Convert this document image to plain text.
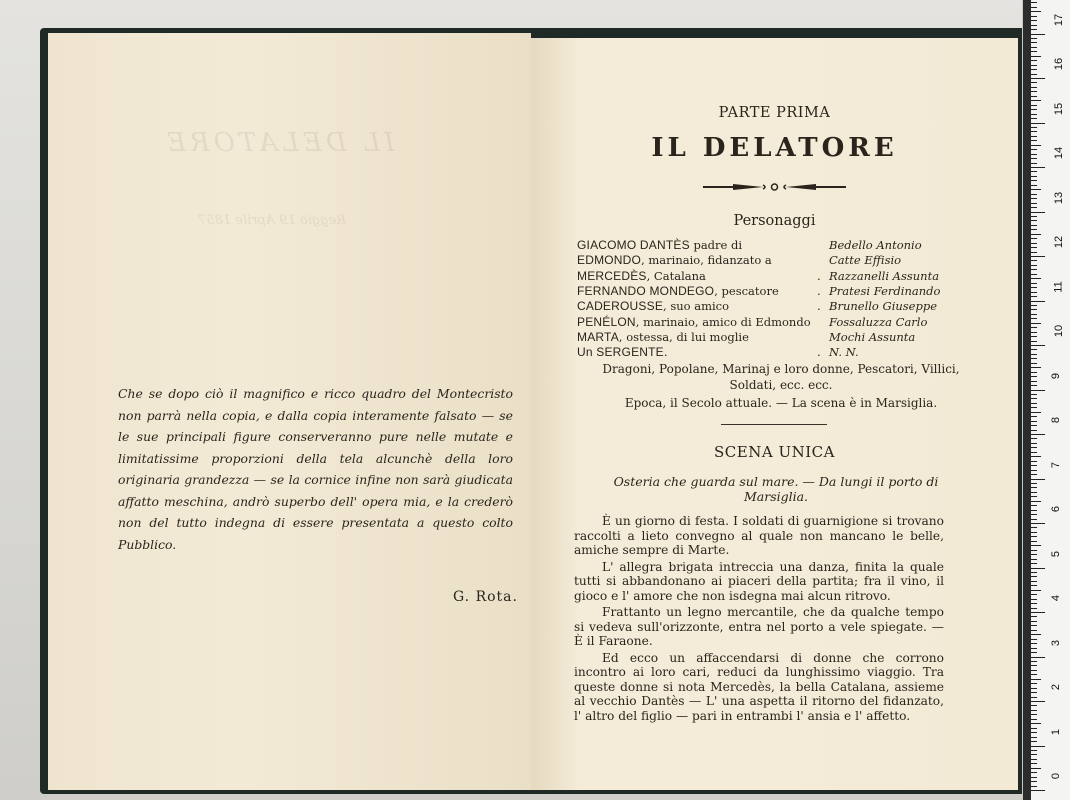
IL DELATORE
Reggio 19 Aprile 1857
Che se dopo ciò il magnifico e ricco quadro del Montecristo non parrà nella copia, e dalla copia interamente falsato — se le sue principali figure conserveranno pure nelle mutate e limitatissime proporzioni della tela alcunchè della loro originaria grandezza — se la cornice infine non sarà giudicata affatto meschina, andrò superbo dell' opera mia, e la crederò non del tutto indegna di essere presentata a questo colto Pubblico.
G. Rota.
PARTE PRIMA
IL DELATORE
Personaggi
GIACOMO DANTÈS padre di	Bedello Antonio
EDMONDO, marinaio, fidanzato a	Catte Effisio
MERCEDÈS, Catalana	. Razzanelli Assunta
FERNANDO MONDEGO, pescatore	. Pratesi Ferdinando
CADEROUSSE, suo amico	. Brunello Giuseppe
PENÉLON, marinaio, amico di Edmondo	Fossaluzza Carlo
MARTA, ostessa, di lui moglie	Mochi Assunta
Un SERGENTE.	. N. N.
Dragoni, Popolane, Marinaj e loro donne, Pescatori, Villici, Soldati, ecc. ecc.
Epoca, il Secolo attuale. — La scena è in Marsiglia.
SCENA UNICA
Osteria che guarda sul mare. — Da lungi il porto di Marsiglia.

È un giorno di festa. I soldati di guarnigione si trovano raccolti a lieto convegno al quale non mancano le belle, amiche sempre di Marte.

L' allegra brigata intreccia una danza, finita la quale tutti si abbandonano ai piaceri della partita; fra il vino, il gioco e l' amore che non isdegna mai alcun ritrovo.

Frattanto un legno mercantile, che da qualche tempo si vedeva sull'orizzonte, entra nel porto a vele spiegate. — È il Faraone.

Ed ecco un affaccendarsi di donne che corrono incontro ai loro cari, reduci da lunghissimo viaggio. Tra queste donne si nota Mercedès, la bella Catalana, assieme al vecchio Dantès — L' una aspetta il ritorno del fidanzato, l' altro del figlio — pari in entrambi l' ansia e l' affetto.

0
1
2
3
4
5
6
7
8
9
10
11
12
13
14
15
16
17
